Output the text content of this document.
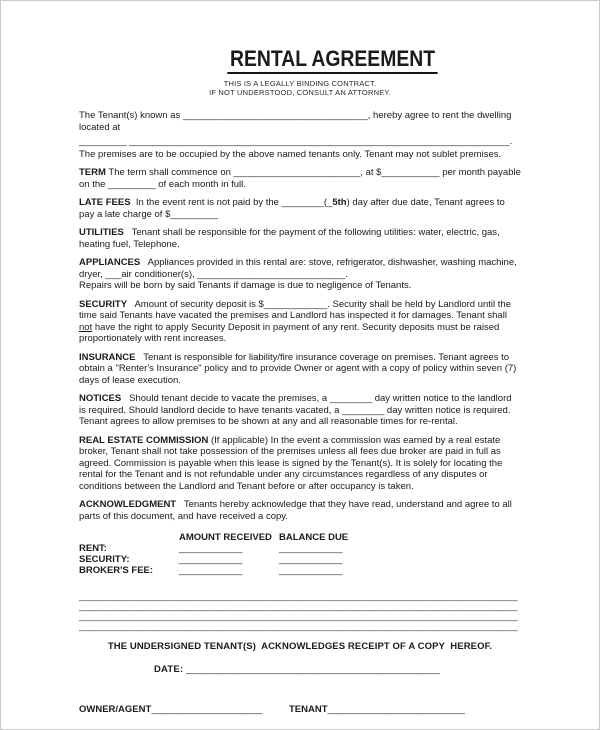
RENTAL AGREEMENT
THIS IS A LEGALLY BINDING CONTRACT.
IF NOT UNDERSTOOD, CONSULT AN ATTORNEY.

The Tenant(s) known as ___________________________________, hereby agree to rent the dwelling
located at

_________ ________________________________________________________________________.

The premises are to be occupied by the above named tenants only. Tenant may not sublet premises.

TERM The term shall commence on ________________________, at $___________ per month payable on the _________ of each month in full.

LATE FEES  In the event rent is not paid by the ________(_5th) day after due date, Tenant agrees to pay a late charge of $_________

UTILITIES   Tenant shall be responsible for the payment of the following utilities: water, electric, gas, heating fuel, Telephone.

APPLIANCES   Appliances provided in this rental are: stove, refrigerator, dishwasher, washing machine, dryer, ___air conditioner(s), ____________________________.

Repairs will be born by said Tenants if damage is due to negligence of Tenants.

SECURITY   Amount of security deposit is $____________. Security shall be held by Landlord until the time said Tenants have vacated the premises and Landlord has inspected it for damages. Tenant shall not have the right to apply Security Deposit in payment of any rent. Security deposits must be raised proportionately with rent increases.

INSURANCE   Tenant is responsible for liability/fire insurance coverage on premises. Tenant agrees to obtain a "Renter's Insurance" policy and to provide Owner or agent with a copy of policy within seven (7) days of lease execution.

NOTICES   Should tenant decide to vacate the premises, a ________ day written notice to the landlord is required. Should landlord decide to have tenants vacated, a ________ day written notice is required. Tenant agrees to allow premises to be shown at any and all reasonable times for re-rental.

REAL ESTATE COMMISSION (If applicable) In the event a commission was earned by a real estate broker, Tenant shall not take possession of the premises unless all fees due broker are paid in full as agreed. Commission is payable when this lease is signed by the Tenant(s). It is solely for locating the rental for the Tenant and is not refundable under any circumstances regardless of any disputes or conditions between the Landlord and Tenant before or after occupancy is taken.

ACKNOWLEDGMENT   Tenants hereby acknowledge that they have read, understand and agree to all parts of this document, and have received a copy.

AMOUNT RECEIVED BALANCE DUE
RENT:	____________	____________
SECURITY:	____________	____________
BROKER'S FEE:	____________	____________
___________________________________________________________________________________
___________________________________________________________________________________
___________________________________________________________________________________
___________________________________________________________________________________

THE UNDERSIGNED TENANT(S)  ACKNOWLEDGES RECEIPT OF A COPY  HEREOF.

DATE: ________________________________________________

OWNER/AGENT_____________________	TENANT__________________________
